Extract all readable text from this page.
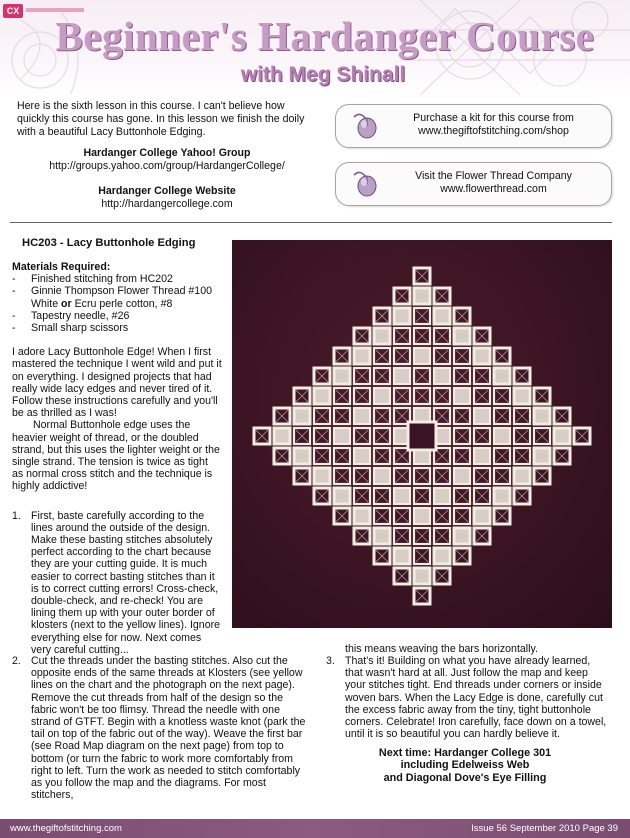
CX
Beginner's Hardanger Course
with Meg Shinall
Here is the sixth lesson in this course. I can't believe how quickly this course has gone. In this lesson we finish the doily with a beautiful Lacy Buttonhole Edging.
Hardanger College Yahoo! Group
http://groups.yahoo.com/group/HardangerCollege/
Hardanger College Website
http://hardangercollege.com
Purchase a kit for this course from
www.thegiftofstitching.com/shop
Visit the Flower Thread Company
www.flowerthread.com
HC203 - Lacy Buttonhole Edging
Materials Required:
- Finished stitching from HC202
- Ginnie Thompson Flower Thread #100 White or Ecru perle cotton, #8
- Tapestry needle, #26
- Small sharp scissors
I adore Lacy Buttonhole Edge! When I first mastered the technique I went wild and put it on everything. I designed projects that had really wide lacy edges and never tired of it. Follow these instructions carefully and you'll be as thrilled as I was!
Normal Buttonhole edge uses the heavier weight of thread, or the doubled strand, but this uses the lighter weight or the single strand. The tension is twice as tight as normal cross stitch and the technique is highly addictive!
1. First, baste carefully according to the lines around the outside of the design. Make these basting stitches absolutely perfect according to the chart because they are your cutting guide. It is much easier to correct basting stitches than it is to correct cutting errors! Cross-check, double-check, and re-check! You are lining them up with your outer border of klosters (next to the yellow lines). Ignore everything else for now. Next comes very careful cutting...
2. Cut the threads under the basting stitches. Also cut the opposite ends of the same threads at Klosters (see yellow lines on the chart and the photograph on the next page). Remove the cut threads from half of the design so the fabric won't be too flimsy. Thread the needle with one strand of GTFT. Begin with a knotless waste knot (park the tail on top of the fabric out of the way). Weave the first bar (see Road Map diagram on the next page) from top to bottom (or turn the fabric to work more comfortably from right to left. Turn the work as needed to stitch comfortably as you follow the map and the diagrams. For most stitchers,
this means weaving the bars horizontally.
3. That's it! Building on what you have already learned, that wasn't hard at all. Just follow the map and keep your stitches tight. End threads under corners or inside woven bars. When the Lacy Edge is done, carefully cut the excess fabric away from the tiny, tight buttonhole corners. Celebrate! Iron carefully, face down on a towel, until it is so beautiful you can hardly believe it.
Next time: Hardanger College 301
including Edelweiss Web
and Diagonal Dove's Eye Filling
www.thegiftofstitching.com	Issue 56 September 2010 Page 39
